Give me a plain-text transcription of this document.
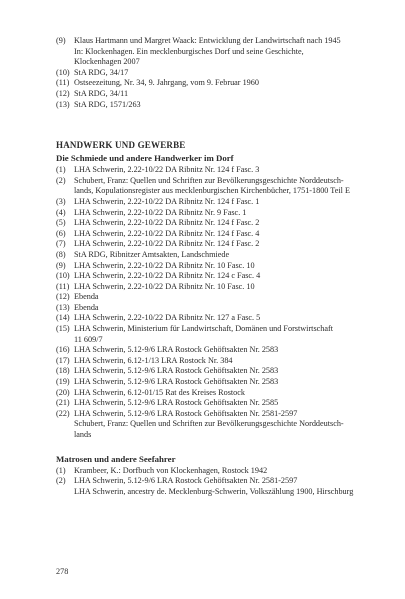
(9) Klaus Hartmann und Margret Waack: Entwicklung der Landwirtschaft nach 1945
In: Klockenhagen. Ein mecklenburgisches Dorf und seine Geschichte,
Klockenhagen 2007
(10) StA RDG, 34/17
(11) Ostseezeitung, Nr. 34, 9. Jahrgang, vom 9. Februar 1960
(12) StA RDG, 34/11
(13) StA RDG, 1571/263
HANDWERK UND GEWERBE
Die Schmiede und andere Handwerker im Dorf
(1) LHA Schwerin, 2.22-10/22 DA Ribnitz Nr. 124 f Fasc. 3
(2) Schubert, Franz: Quellen und Schriften zur Bevölkerungsgeschichte Norddeutsch-
lands, Kopulationsregister aus mecklenburgischen Kirchenbücher, 1751-1800 Teil E
(3) LHA Schwerin, 2.22-10/22 DA Ribnitz Nr. 124 f Fasc. 1
(4) LHA Schwerin, 2.22-10/22 DA Ribnitz Nr. 9 Fasc. 1
(5) LHA Schwerin, 2.22-10/22 DA Ribnitz Nr. 124 f Fasc. 2
(6) LHA Schwerin, 2.22-10/22 DA Ribnitz Nr. 124 f Fasc. 4
(7) LHA Schwerin, 2.22-10/22 DA Ribnitz Nr. 124 f Fasc. 2
(8) StA RDG, Ribnitzer Amtsakten, Landschmiede
(9) LHA Schwerin, 2.22-10/22 DA Ribnitz Nr. 10 Fasc. 10
(10) LHA Schwerin, 2.22-10/22 DA Ribnitz Nr. 124 c Fasc. 4
(11) LHA Schwerin, 2.22-10/22 DA Ribnitz Nr. 10 Fasc. 10
(12) Ebenda
(13) Ebenda
(14) LHA Schwerin, 2.22-10/22 DA Ribnitz Nr. 127 a Fasc. 5
(15) LHA Schwerin, Ministerium für Landwirtschaft, Domänen und Forstwirtschaft
11 609/7
(16) LHA Schwerin, 5.12-9/6 LRA Rostock Gehöftsakten Nr. 2583
(17) LHA Schwerin, 6.12-1/13 LRA Rostock Nr. 384
(18) LHA Schwerin, 5.12-9/6 LRA Rostock Gehöftsakten Nr. 2583
(19) LHA Schwerin, 5.12-9/6 LRA Rostock Gehöftsakten Nr. 2583
(20) LHA Schwerin, 6.12-01/15 Rat des Kreises Rostock
(21) LHA Schwerin, 5.12-9/6 LRA Rostock Gehöftsakten Nr. 2585
(22) LHA Schwerin, 5.12-9/6 LRA Rostock Gehöftsakten Nr. 2581-2597
Schubert, Franz: Quellen und Schriften zur Bevölkerungsgeschichte Norddeutsch-
lands
Matrosen und andere Seefahrer
(1) Krambeer, K.: Dorfbuch von Klockenhagen, Rostock 1942
(2) LHA Schwerin, 5.12-9/6 LRA Rostock Gehöftsakten Nr. 2581-2597
LHA Schwerin, ancestry de. Mecklenburg-Schwerin, Volkszählung 1900, Hirschburg
278
